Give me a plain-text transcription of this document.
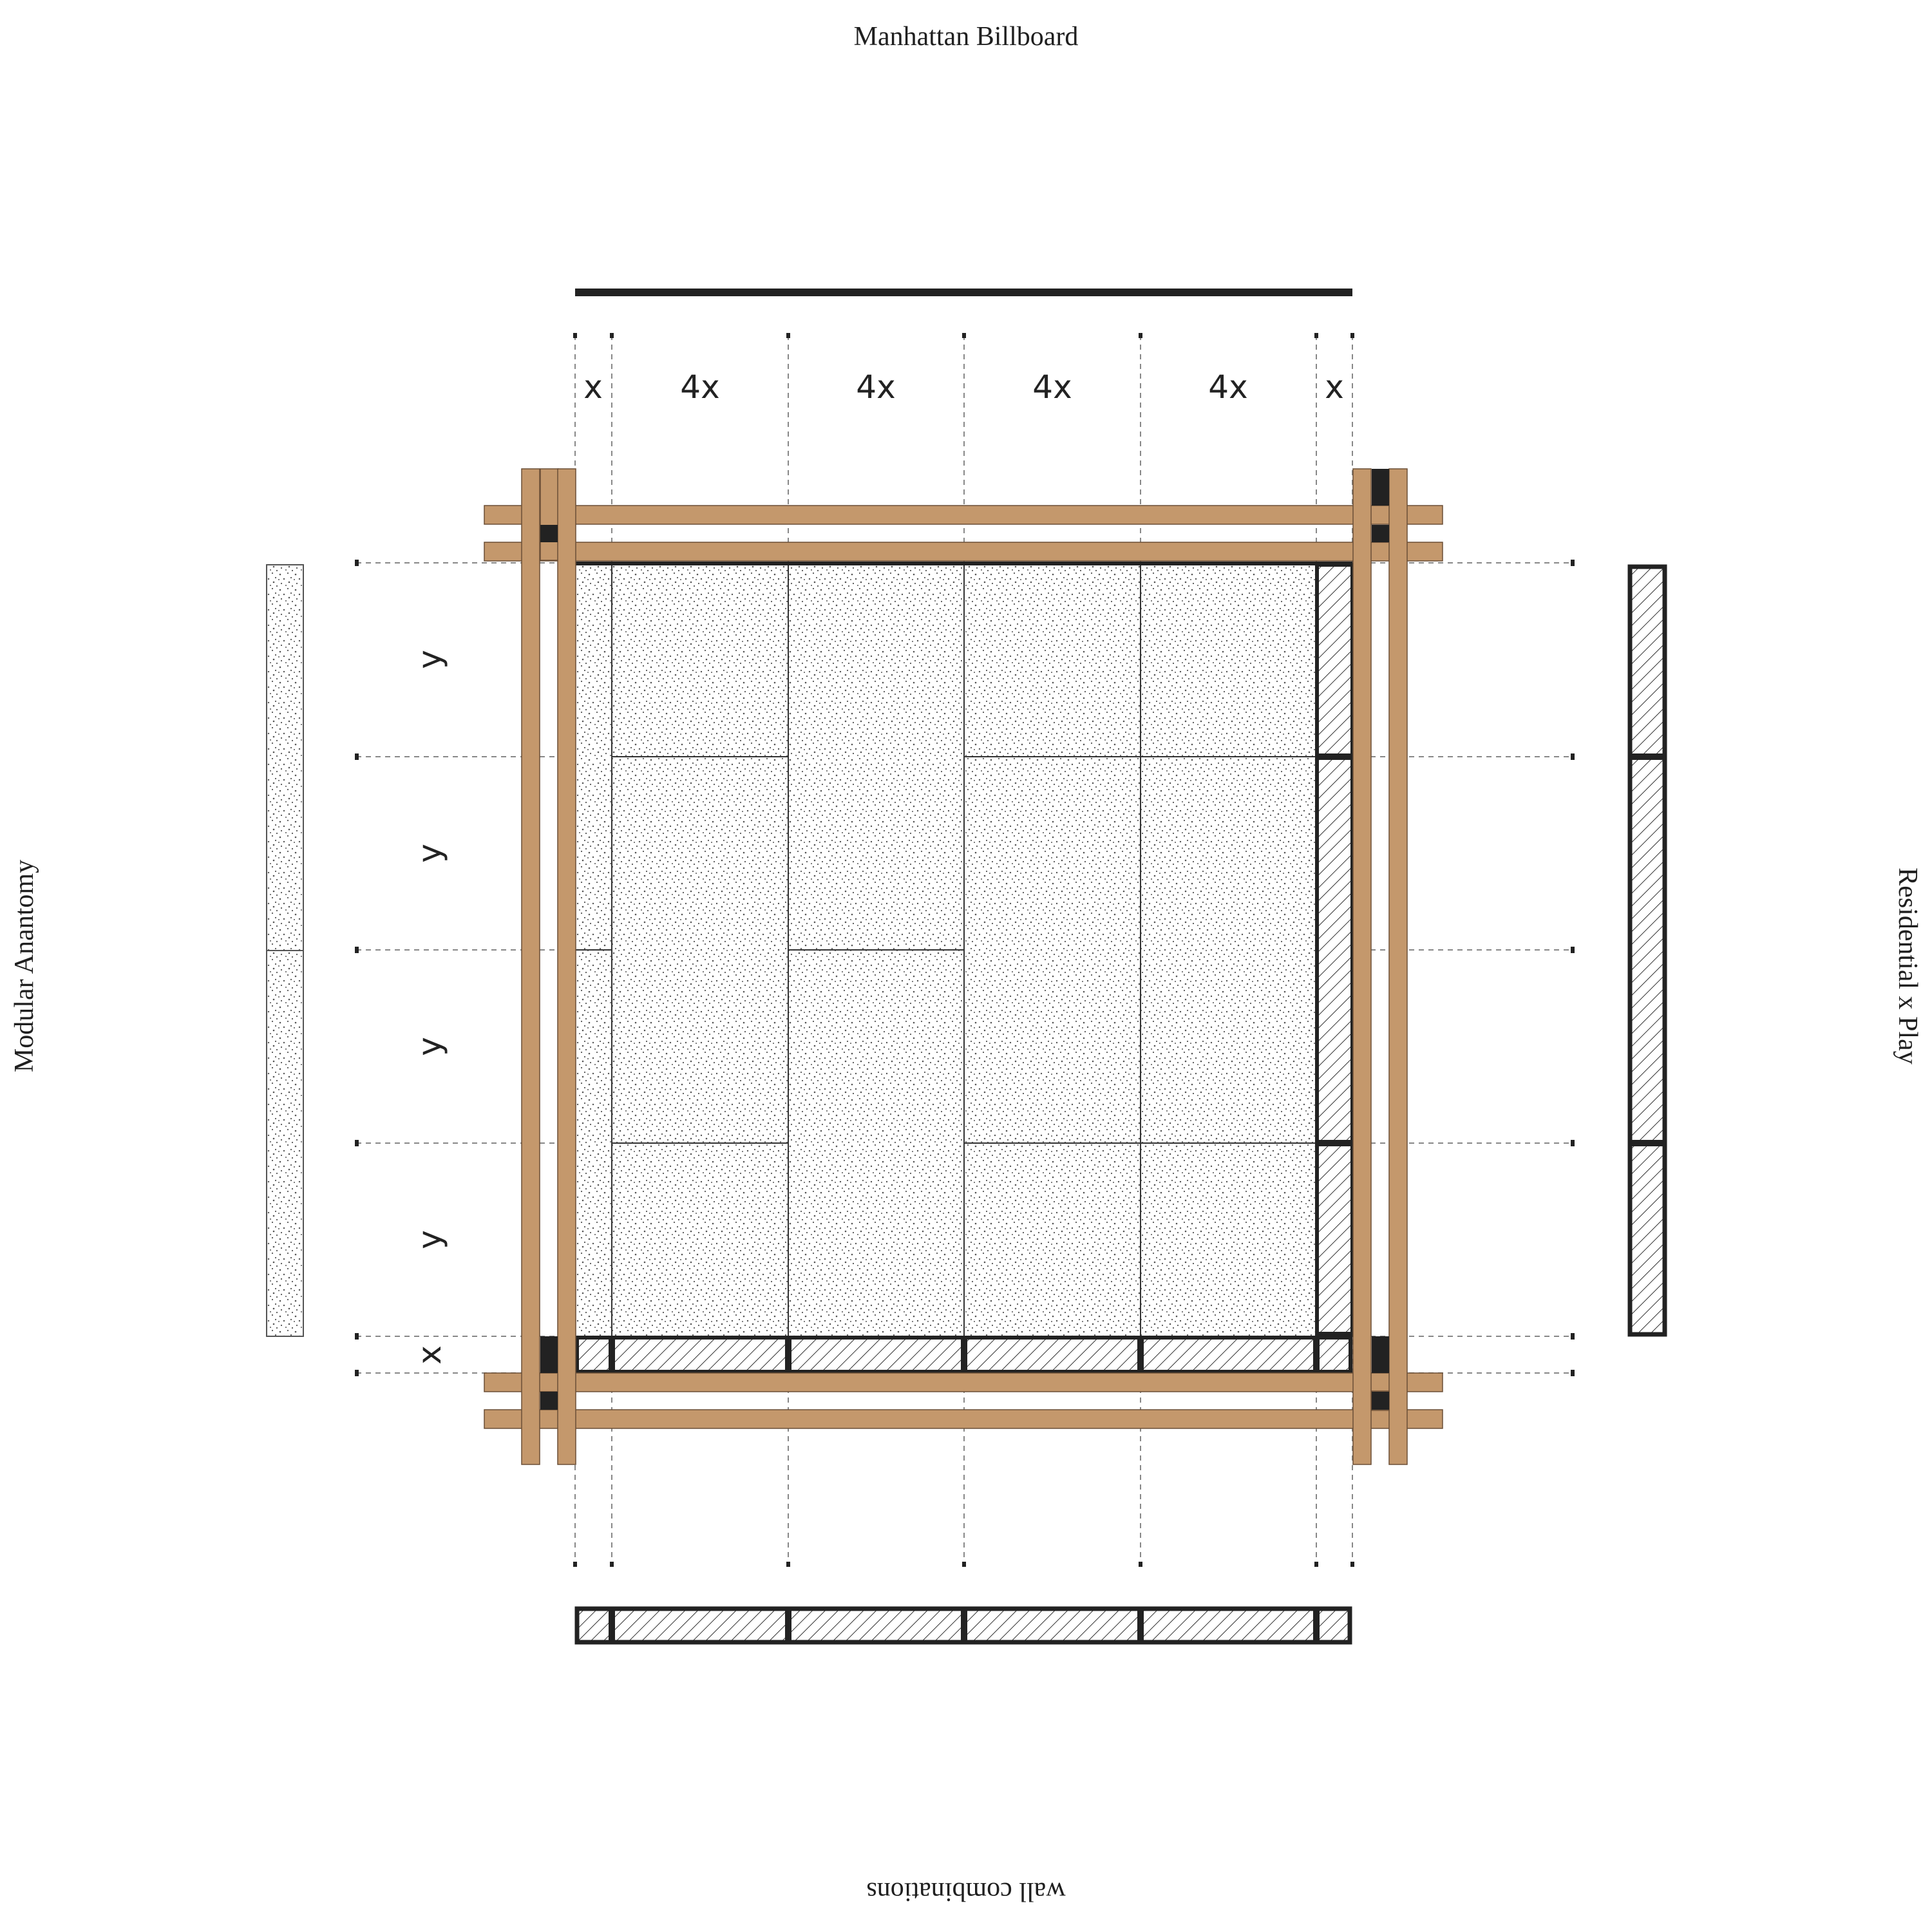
Manhattan Billboard
wall combinations
Modular Anantomy	Residential x Play
x 4x	4x	4x	4x x
y
y
y
y
x
